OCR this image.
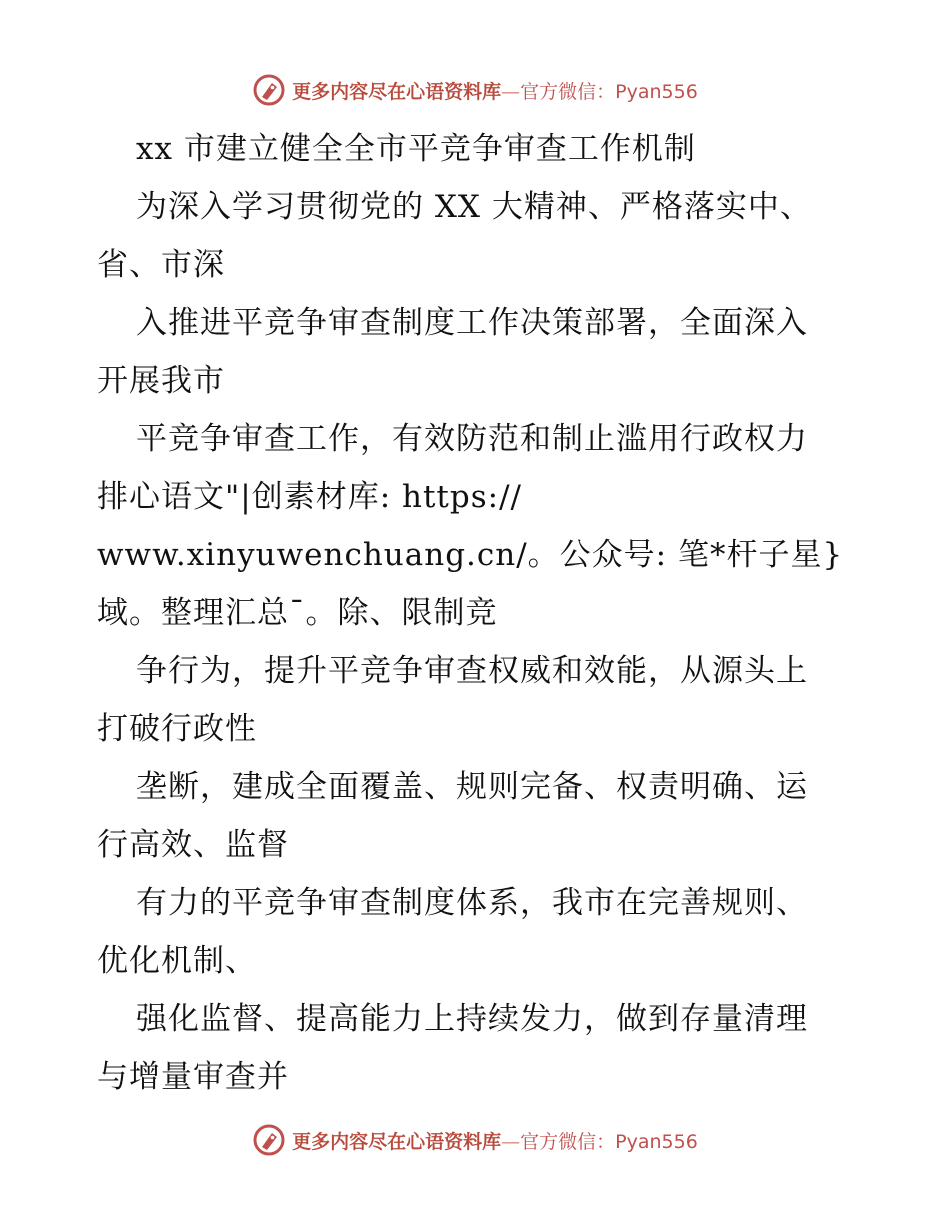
更多内容尽在心语资料库—官方微信：Pyan556
xx 市建立健全全市平竞争审查工作机制
为深入学习贯彻党的 XX 大精神、严格落实中、
省、市深
入推进平竞争审查制度工作决策部署，全面深入
开展我市
平竞争审查工作，有效防范和制止滥用行政权力
排心语文"|创素材库: https://
www.xinyuwenchuang.cn/。公众号: 笔*杆子星}
域。整理汇总¯。除、限制竞
争行为，提升平竞争审查权威和效能，从源头上
打破行政性
垄断，建成全面覆盖、规则完备、权责明确、运
行高效、监督
有力的平竞争审查制度体系，我市在完善规则、
优化机制、
强化监督、提高能力上持续发力，做到存量清理
与增量审查并
更多内容尽在心语资料库—官方微信：Pyan556
